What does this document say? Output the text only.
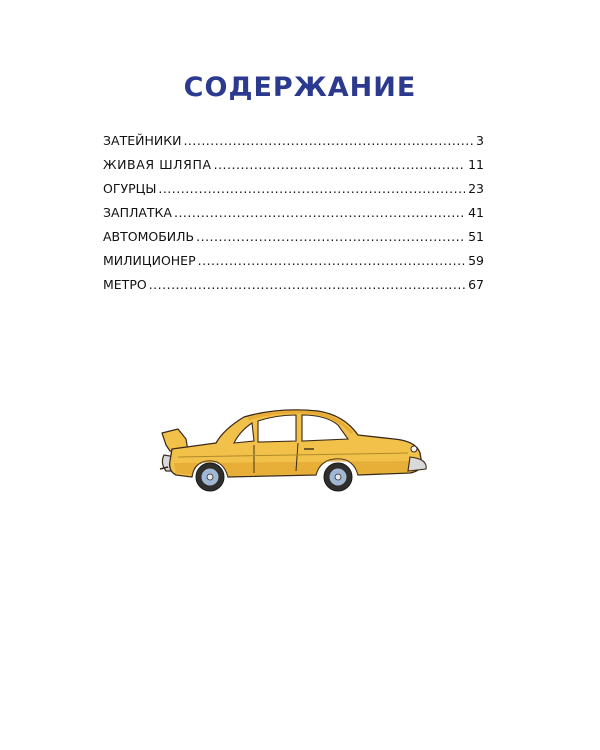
СОДЕРЖАНИЕ
ЗАТЕЙНИКИ .....	3
ЖИВАЯ ШЛЯПА .....	11
ОГУРЦЫ .....	23
ЗАПЛАТКА .....	41
АВТОМОБИЛЬ .....	51
МИЛИЦИОНЕР .....	59
МЕТРО .....	67
